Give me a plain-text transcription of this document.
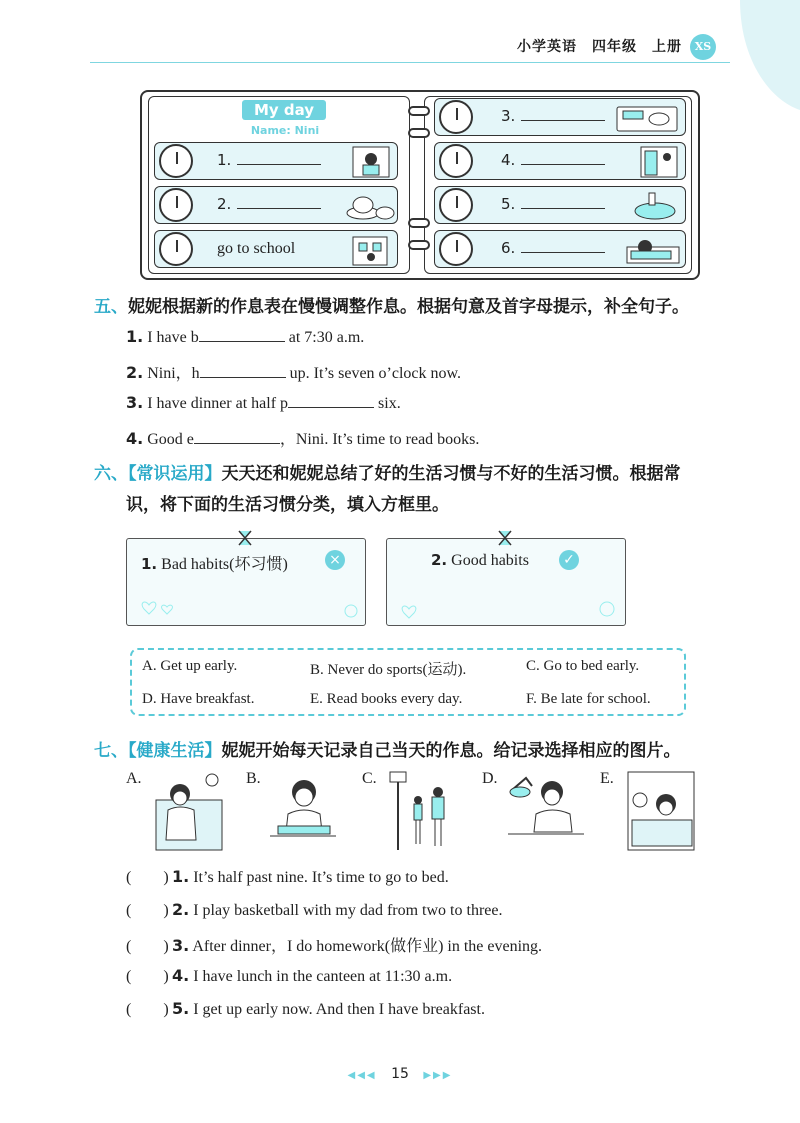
小学英语　四年级　上册	XS
My day
Name: Nini
1.
2.
go to school
3.
4.
5.
6.
五、妮妮根据新的作息表在慢慢调整作息。根据句意及首字母提示，补全句子。
1. I have b	at 7:30 a.m.
2. Nini，h	up. It’s seven o’clock now.
3. I have dinner at half p	six.
4. Good e	，Nini. It’s time to read books.
六、【常识运用】天天还和妮妮总结了好的生活习惯与不好的生活习惯。根据常
识，将下面的生活习惯分类，填入方框里。
1. Bad habits(坏习惯)	×	2. Good habits ✓
A. Get up early.	B. Never do sports(运动).	C. Go to bed early.
D. Have breakfast.	E. Read books every day.	F. Be late for school.
七、【健康生活】妮妮开始每天记录自己当天的作息。给记录选择相应的图片。
A.	B.	C.	D.	E.
( ) 1. It’s half past nine. It’s time to go to bed.
( ) 2. I play basketball with my dad from two to three.
( ) 3. After dinner，I do homework(做作业) in the evening.
( ) 4. I have lunch in the canteen at 11:30 a.m.
( ) 5. I get up early now. And then I have breakfast.
◀◀◀ 15 ▶▶▶
